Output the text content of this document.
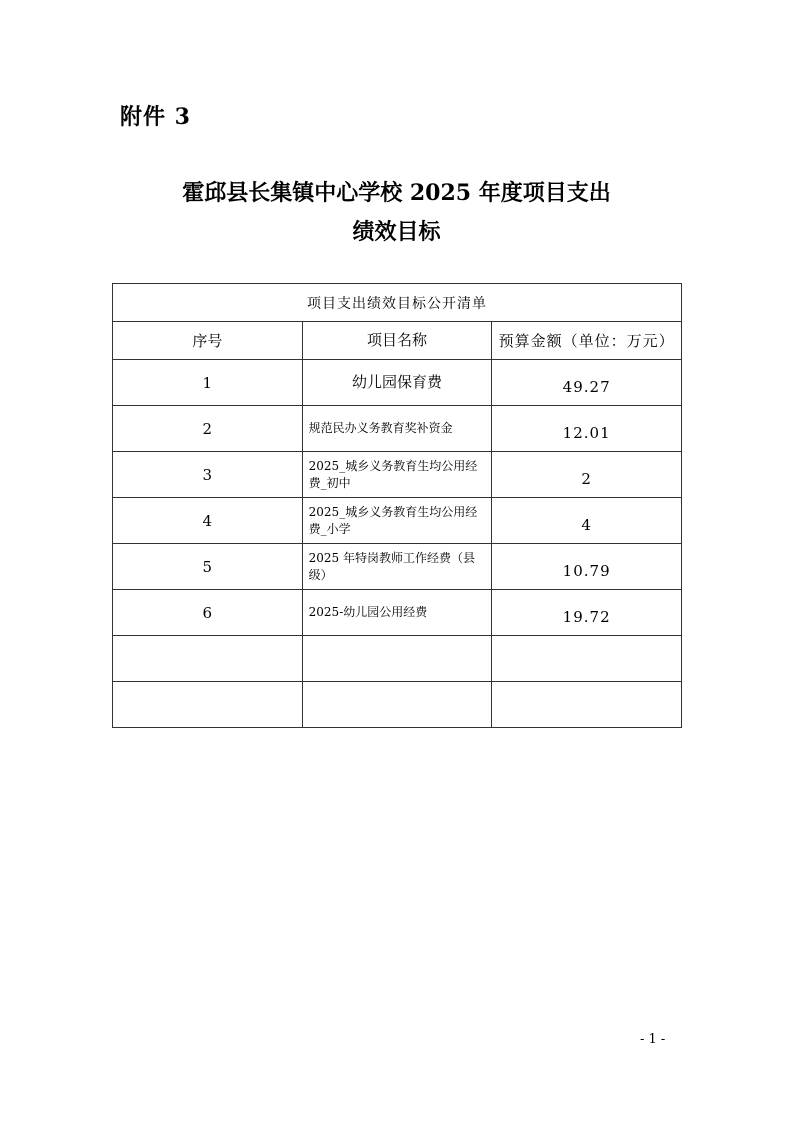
附件 3
霍邱县长集镇中心学校 2025 年度项目支出
绩效目标
项目支出绩效目标公开清单		
序号	项目名称	预算金额（单位：万元）
1	幼儿园保育费	49.27
2	规范民办义务教育奖补资金	12.01
3	2025_城乡义务教育生均公用经费_初中	2
4	2025_城乡义务教育生均公用经费_小学	4
5	2025 年特岗教师工作经费（县级）	10.79
6	2025-幼儿园公用经费	19.72

- 1 -
